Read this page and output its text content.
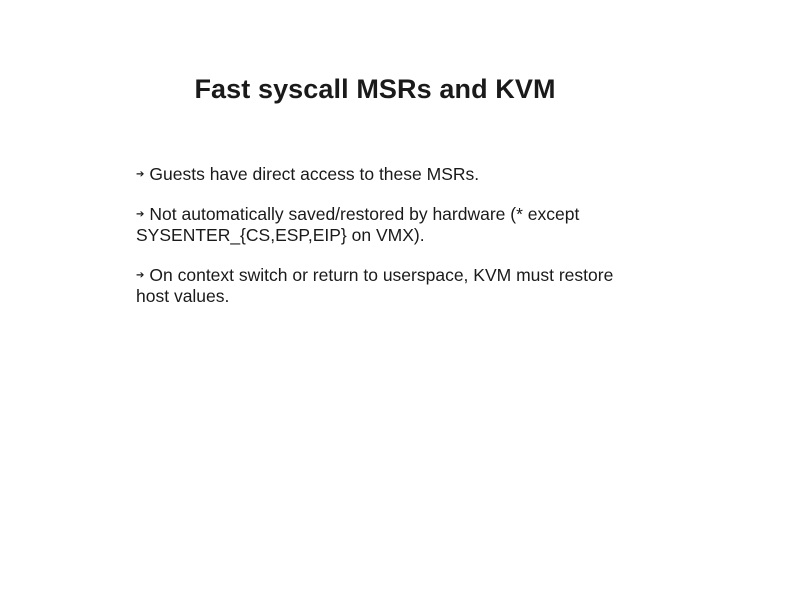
Fast syscall MSRs and KVM
➔ Guests have direct access to these MSRs.
➔ Not automatically saved/restored by hardware (* except SYSENTER_{CS,ESP,EIP} on VMX).
➔ On context switch or return to userspace, KVM must restore host values.
